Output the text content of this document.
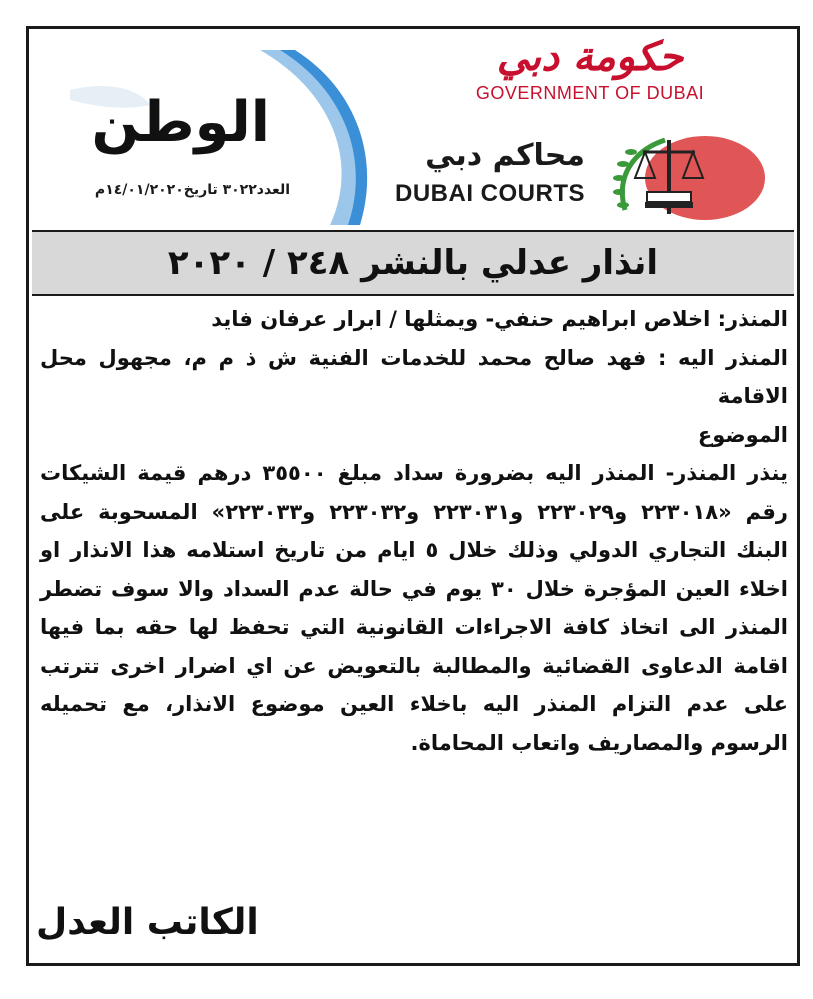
الوطن
العدد٣٠٢٢ تاريخ١٤/٠١/٢٠٢٠م
حكومة دبي
GOVERNMENT OF DUBAI
محاكم دبي
DUBAI COURTS
انذار عدلي بالنشر ٢٤٨ / ٢٠٢٠

المنذر: اخلاص ابراهيم حنفي- ويمثلها / ابرار عرفان فايد

المنذر اليه : فهد صالح محمد للخدمات الفنية ش ذ م م، مجهول محل الاقامة

الموضوع

ينذر المنذر- المنذر اليه بضرورة سداد مبلغ ٣٥٥٠٠ درهم قيمة الشيكات رقم «٢٢٣٠١٨ و٢٢٣٠٢٩ و٢٢٣٠٣١ و٢٢٣٠٣٢ و٢٢٣٠٣٣» المسحوبة على البنك التجاري الدولي وذلك خلال ٥ ايام من تاريخ استلامه هذا الانذار او اخلاء العين المؤجرة خلال ٣٠ يوم في حالة عدم السداد والا سوف تضطر المنذر الى اتخاذ كافة الاجراءات القانونية التي تحفظ لها حقه بما فيها اقامة الدعاوى القضائية والمطالبة بالتعويض عن اي اضرار اخرى تترتب على عدم التزام المنذر اليه باخلاء العين موضوع الانذار، مع تحميله الرسوم والمصاريف واتعاب المحاماة.

الكاتب العدل
